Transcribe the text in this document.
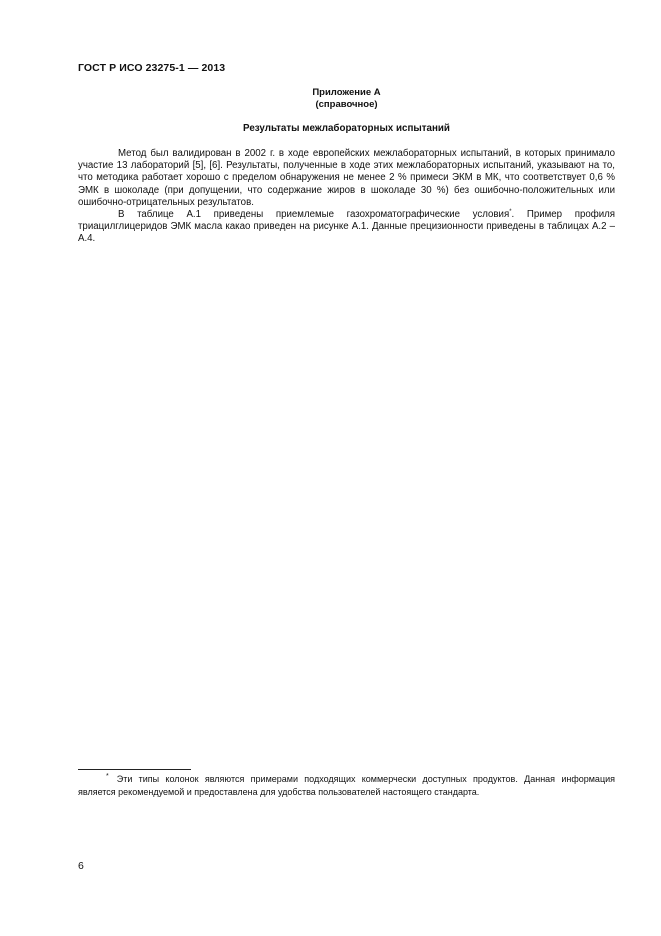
ГОСТ Р ИСО 23275-1 — 2013
Приложение А
(справочное)
Результаты межлабораторных испытаний

Метод был валидирован в 2002 г. в ходе европейских межлабораторных испытаний, в которых принимало участие 13 лабораторий [5], [6]. Результаты, полученные в ходе этих межлабораторных испытаний, указывают на то, что методика работает хорошо с пределом обнаружения не менее 2 % примеси ЭКМ в МК, что соответствует 0,6 % ЭМК в шоколаде (при допущении, что содержание жиров в шоколаде 30 %) без ошибочно-положительных или ошибочно-отрицательных результатов.

В таблице А.1 приведены приемлемые газохроматографические условия*. Пример профиля триацилглицеридов ЭМК масла какао приведен на рисунке А.1. Данные прецизионности приведены в таблицах А.2 – А.4.

* Эти типы колонок являются примерами подходящих коммерчески доступных продуктов. Данная информация является рекомендуемой и предоставлена для удобства пользователей настоящего стандарта.

6
